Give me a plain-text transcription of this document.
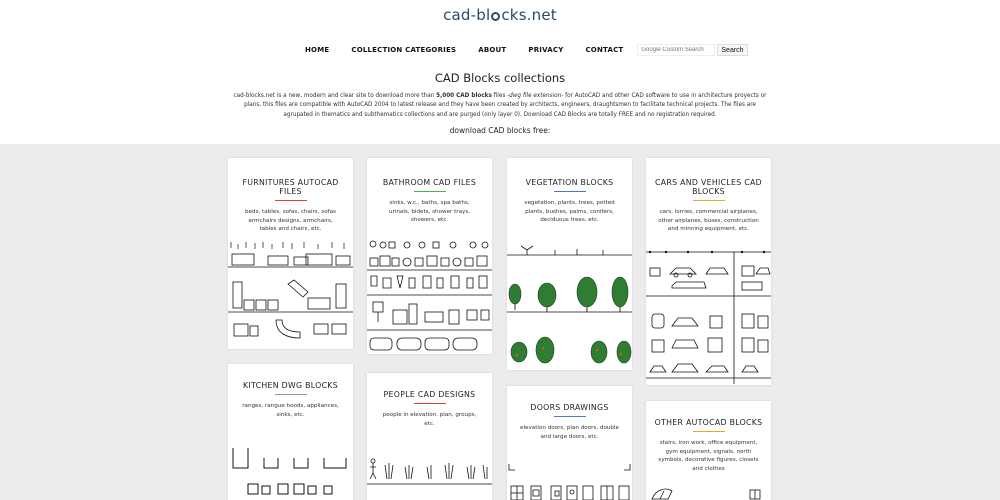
cad-bl cks.net
HOME	COLLECTION CATEGORIES	ABOUT	PRIVACY	CONTACT
Google Custom Search	Search
CAD Blocks collections

cad-blocks.net is a new, modern and clear site to download more than 5,000 CAD blocks files -dwg file extension- for AutoCAD and other CAD software to use in architecture proyects or plans, this files are compatible with AutoCAD 2004 to latest release and they have been created by architects, engineers, draughtsmen to facilitate technical projects. The files are agrupated in thematics and subthematics collections and are purged (only layer 0). Download CAD Blocks are totally FREE and no registration required.

download CAD blocks free:
FURNITURES AUTOCAD FILES
beds, tables, sofas, chairs, sofas armchairs designs, armchairs, tables and chairs, etc.
BATHROOM CAD FILES
sinks, w.c., baths, spa baths, urinals, bidets, shower trays, showers, etc.
VEGETATION BLOCKS
vegetation, plants, trees, potted plants, bushes, palms, conifers, deciduous trees, etc.
CARS AND VEHICLES CAD BLOCKS
cars, lorries, commercial airplanes, other airplanes, buses, construction and minning equipment, etc.
KITCHEN DWG BLOCKS
ranges, rangue hoods, appliances, sinks, etc.
PEOPLE CAD DESIGNS
people in elevation. plan, groups, etc.
DOORS DRAWINGS
elevation doors, plan doors, double and large doors, etc.
OTHER AUTOCAD BLOCKS
stairs, iron work, office equipment, gym equipment, signals, north symbols, decorative figures, closets and clothes
